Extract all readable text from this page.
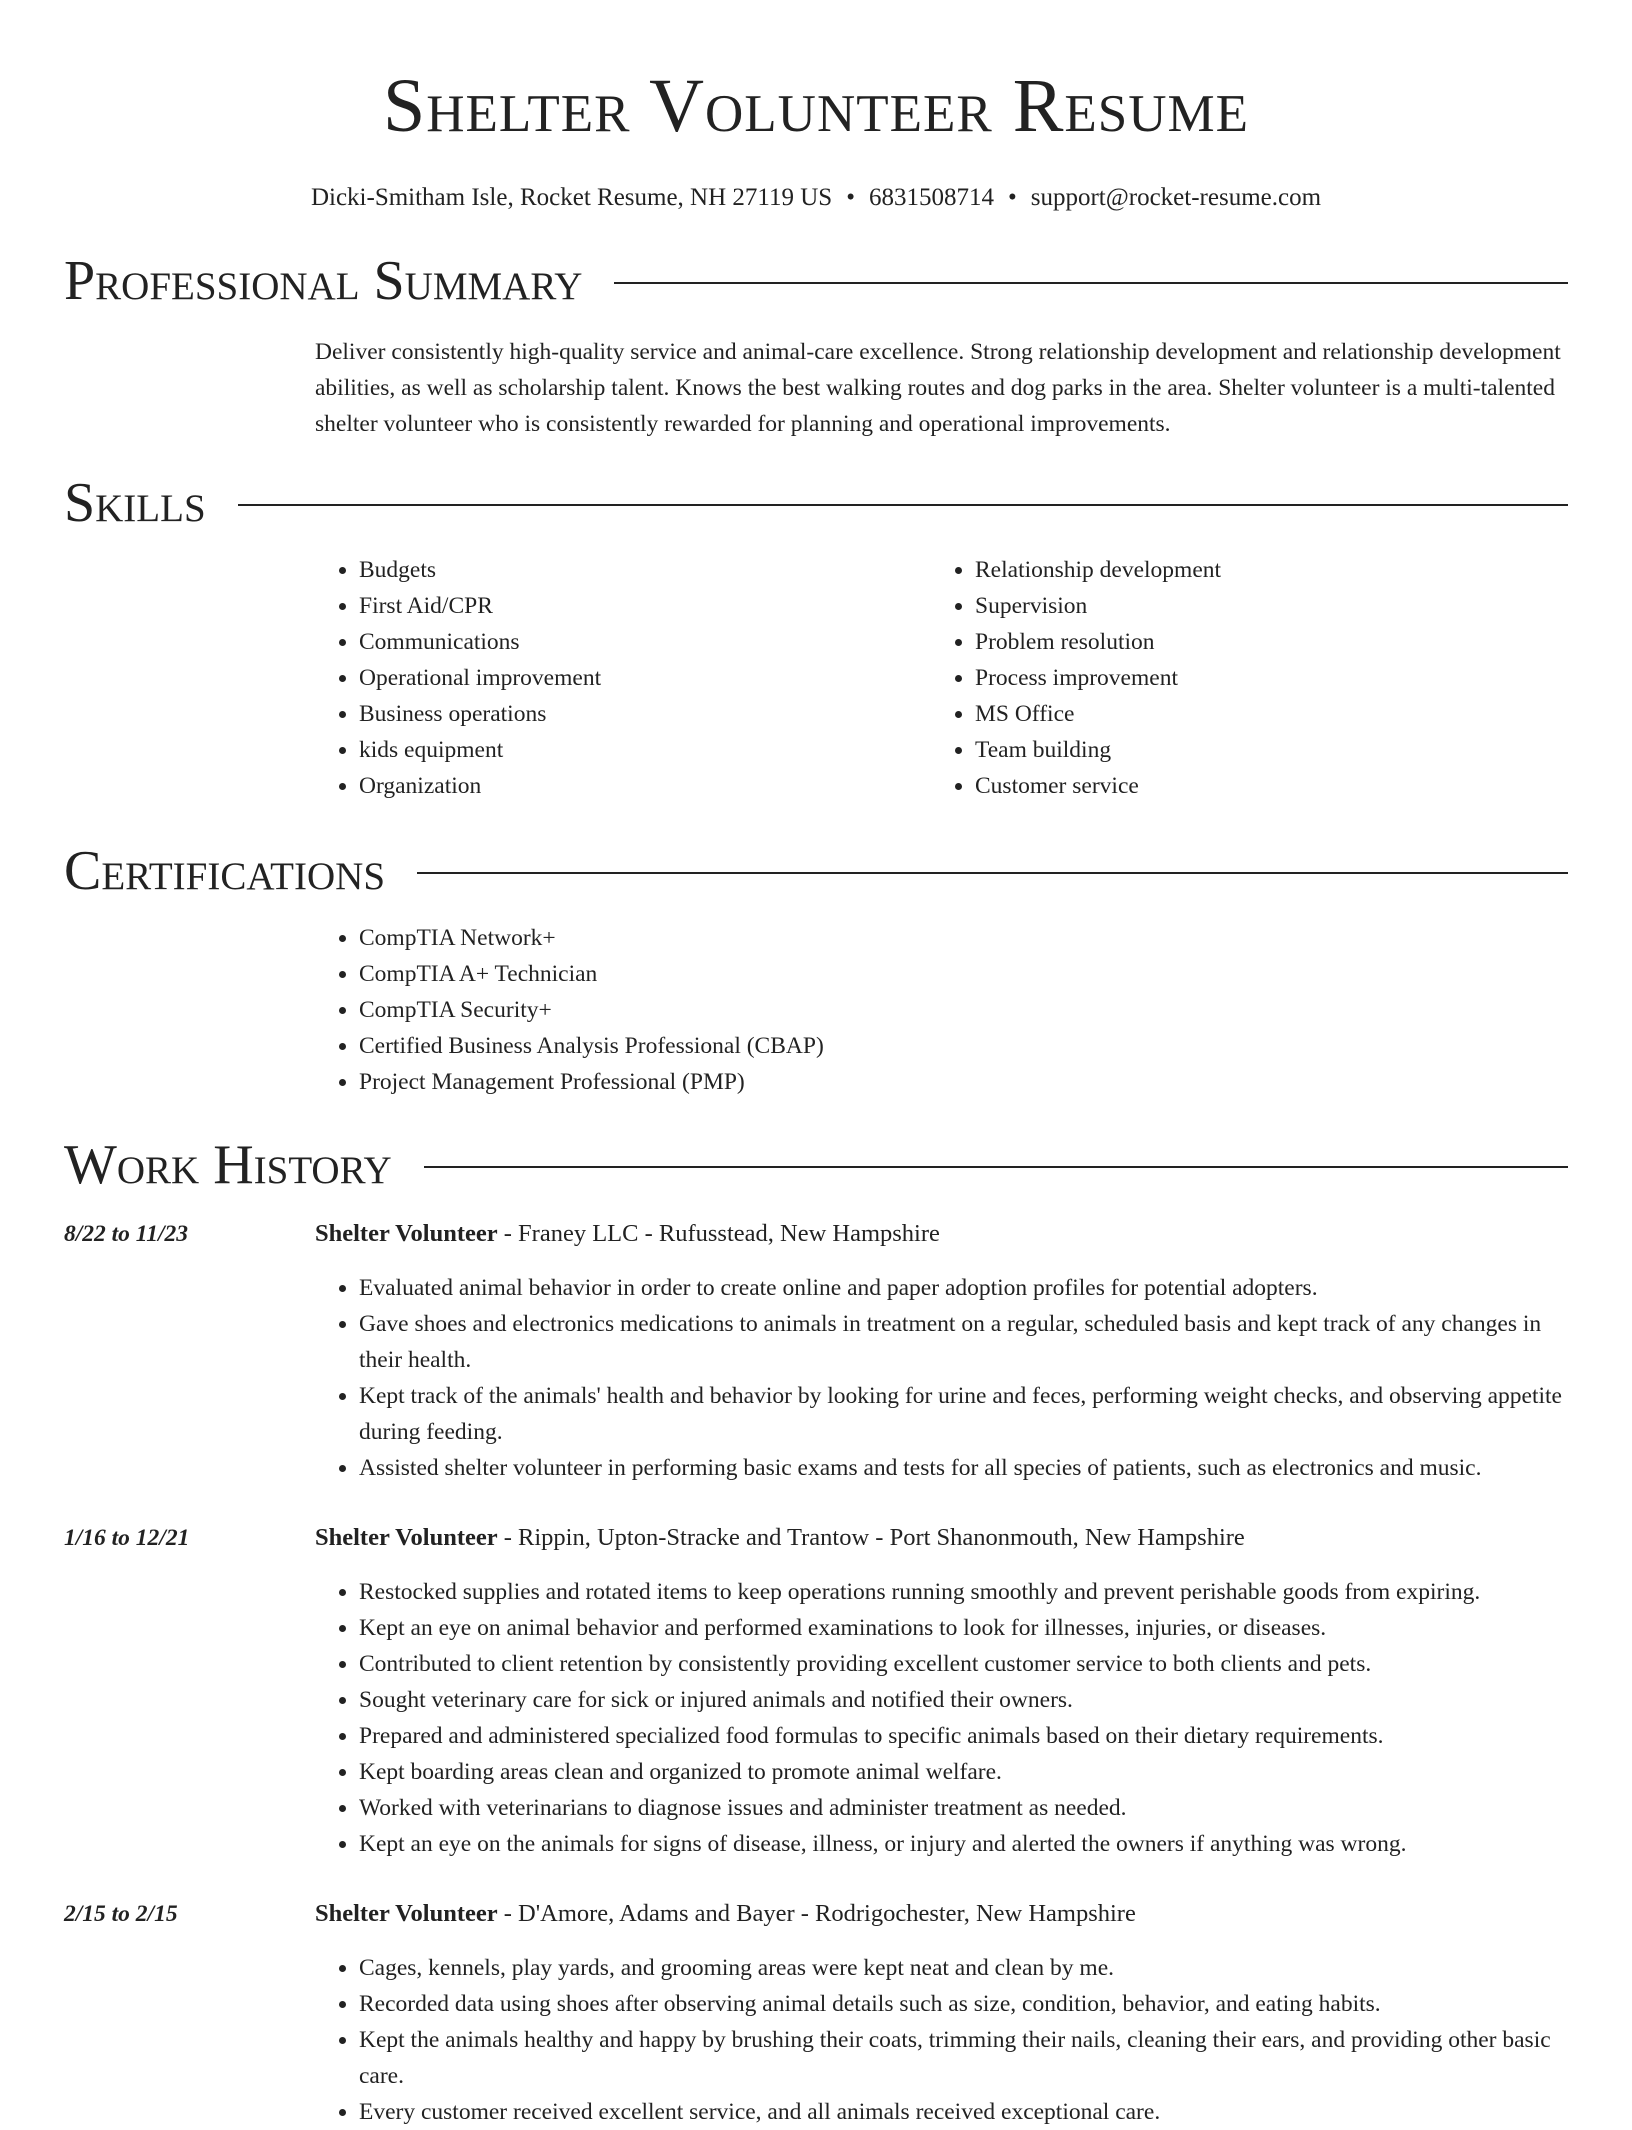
Shelter Volunteer Resume
Dicki-Smitham Isle, Rocket Resume, NH 27119 US • 6831508714 • support@rocket-resume.com
Professional Summary
Deliver consistently high-quality service and animal-care excellence. Strong relationship development and relationship development abilities, as well as scholarship talent. Knows the best walking routes and dog parks in the area. Shelter volunteer is a multi-talented shelter volunteer who is consistently rewarded for planning and operational improvements.
Skills
• Budgets
• First Aid/CPR
• Communications
• Operational improvement
• Business operations
• kids equipment
• Organization
• Relationship development
• Supervision
• Problem resolution
• Process improvement
• MS Office
• Team building
• Customer service
Certifications
• CompTIA Network+
• CompTIA A+ Technician
• CompTIA Security+
• Certified Business Analysis Professional (CBAP)
• Project Management Professional (PMP)
Work History
8/22 to 11/23	Shelter Volunteer - Franey LLC - Rufusstead, New Hampshire
• Evaluated animal behavior in order to create online and paper adoption profiles for potential adopters.
• Gave shoes and electronics medications to animals in treatment on a regular, scheduled basis and kept track of any changes in their health.
• Kept track of the animals' health and behavior by looking for urine and feces, performing weight checks, and observing appetite during feeding.
• Assisted shelter volunteer in performing basic exams and tests for all species of patients, such as electronics and music.
1/16 to 12/21	Shelter Volunteer - Rippin, Upton-Stracke and Trantow - Port Shanonmouth, New Hampshire
• Restocked supplies and rotated items to keep operations running smoothly and prevent perishable goods from expiring.
• Kept an eye on animal behavior and performed examinations to look for illnesses, injuries, or diseases.
• Contributed to client retention by consistently providing excellent customer service to both clients and pets.
• Sought veterinary care for sick or injured animals and notified their owners.
• Prepared and administered specialized food formulas to specific animals based on their dietary requirements.
• Kept boarding areas clean and organized to promote animal welfare.
• Worked with veterinarians to diagnose issues and administer treatment as needed.
• Kept an eye on the animals for signs of disease, illness, or injury and alerted the owners if anything was wrong.
2/15 to 2/15	Shelter Volunteer - D'Amore, Adams and Bayer - Rodrigochester, New Hampshire
• Cages, kennels, play yards, and grooming areas were kept neat and clean by me.
• Recorded data using shoes after observing animal details such as size, condition, behavior, and eating habits.
• Kept the animals healthy and happy by brushing their coats, trimming their nails, cleaning their ears, and providing other basic care.
• Every customer received excellent service, and all animals received exceptional care.
